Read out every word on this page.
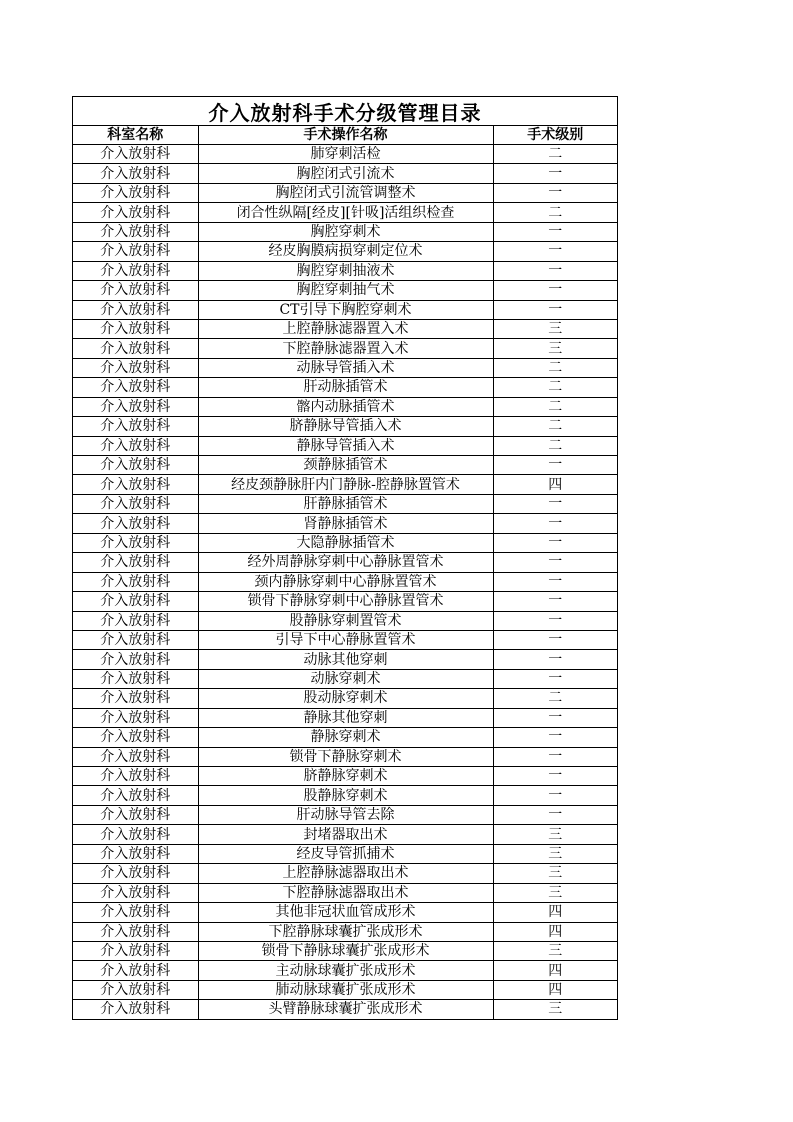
介入放射科手术分级管理目录
科室名称	手术操作名称	手术级别
介入放射科	肺穿刺活检	二
介入放射科	胸腔闭式引流术	一
介入放射科	胸腔闭式引流管调整术	一
介入放射科	闭合性纵隔[经皮][针吸]活组织检查	二
介入放射科	胸腔穿刺术	一
介入放射科	经皮胸膜病损穿刺定位术	一
介入放射科	胸腔穿刺抽液术	一
介入放射科	胸腔穿刺抽气术	一
介入放射科	CT引导下胸腔穿刺术	一
介入放射科	上腔静脉滤器置入术	三
介入放射科	下腔静脉滤器置入术	三
介入放射科	动脉导管插入术	二
介入放射科	肝动脉插管术	二
介入放射科	髂内动脉插管术	二
介入放射科	脐静脉导管插入术	二
介入放射科	静脉导管插入术	二
介入放射科	颈静脉插管术	一
介入放射科	经皮颈静脉肝内门静脉-腔静脉置管术	四
介入放射科	肝静脉插管术	一
介入放射科	肾静脉插管术	一
介入放射科	大隐静脉插管术	一
介入放射科	经外周静脉穿刺中心静脉置管术	一
介入放射科	颈内静脉穿刺中心静脉置管术	一
介入放射科	锁骨下静脉穿刺中心静脉置管术	一
介入放射科	股静脉穿刺置管术	一
介入放射科	引导下中心静脉置管术	一
介入放射科	动脉其他穿刺	一
介入放射科	动脉穿刺术	一
介入放射科	股动脉穿刺术	二
介入放射科	静脉其他穿刺	一
介入放射科	静脉穿刺术	一
介入放射科	锁骨下静脉穿刺术	一
介入放射科	脐静脉穿刺术	一
介入放射科	股静脉穿刺术	一
介入放射科	肝动脉导管去除	一
介入放射科	封堵器取出术	三
介入放射科	经皮导管抓捕术	三
介入放射科	上腔静脉滤器取出术	三
介入放射科	下腔静脉滤器取出术	三
介入放射科	其他非冠状血管成形术	四
介入放射科	下腔静脉球囊扩张成形术	四
介入放射科	锁骨下静脉球囊扩张成形术	三
介入放射科	主动脉球囊扩张成形术	四
介入放射科	肺动脉球囊扩张成形术	四
介入放射科	头臂静脉球囊扩张成形术	三
